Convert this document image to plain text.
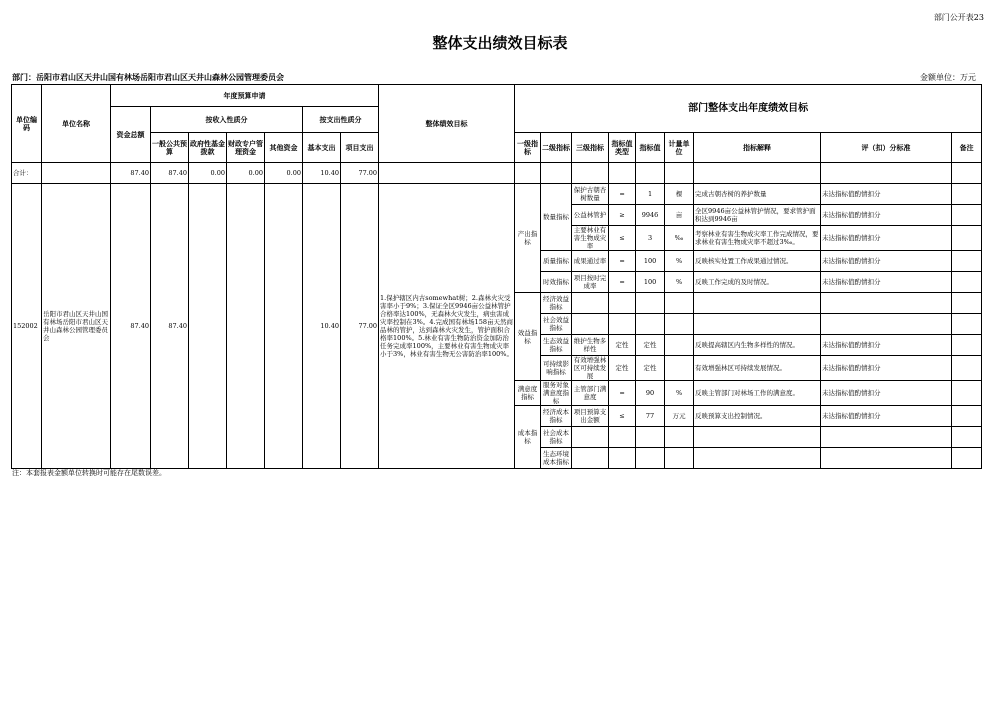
部门公开表23
整体支出绩效目标表
部门：岳阳市君山区天井山国有林场岳阳市君山区天井山森林公园管理委员会	金额单位：万元
单位编码	单位名称	年度预算申请							整体绩效目标	部门整体支出年度绩效目标								
		资金总额	按收入性质分				按支出性质分											
			一般公共预算	政府性基金拨款	财政专户管理资金	其他资金	基本支出	项目支出		一级指标	二级指标	三级指标	指标值类型	指标值	计量单位	指标解释	评（扣）分标准	备注
合计：		87.40	87.40	0.00	0.00	0.00	10.40	77.00										
152002	岳阳市君山区天井山国有林场岳阳市君山区天井山森林公园管理委员会	87.40	87.40				10.40	77.00	1.保护辖区内古somewhat树；2.森林火灾受害率小于9%；3.保证全区9946亩公益林管护合格率达100%，无森林火灾发生，病虫害成灾率控制在3%。4.完成国有林场158亩天然商品林的管护，达到森林火灾发生，管护面积合格率100%。5.林业有害生物防治资金加防治任务完成率100%，主要林业有害生物成灾率小于3%，林业有害生物无公害防治率100%。	产出指标	数量指标	保护古朝杏树数量	=	1	棵	完成古朝杏树的养护数量	未达指标值酌情扣分	
												公益林管护	≥	9946	亩	全区9946亩公益林管护情况，要求管护面积达到9946亩	未达指标值酌情扣分	
												主要林业有害生物成灾率	≤	3	‰	考察林业有害生物成灾率工作完成情况，要求林业有害生物成灾率不超过3‰。	未达指标值酌情扣分	
											质量指标	成果通过率	=	100	%	反映核实处置工作成果通过情况。	未达指标值酌情扣分	
											时效指标	项目按时完成率	=	100	%	反映工作完成的及时情况。	未达指标值酌情扣分	
										效益指标	经济效益指标							
											社会效益指标							
											生态效益指标	维护生物多样性	定性	定性		反映提高辖区内生物多样性的情况。	未达指标值酌情扣分	
											可持续影响指标	有效增强林区可持续发展	定性	定性		有效增强林区可持续发展情况。	未达指标值酌情扣分	
										满意度指标	服务对象满意度指标	主管部门满意度	=	90	%	反映主管部门对林场工作的满意度。	未达指标值酌情扣分	
										成本指标	经济成本指标	项目预算支出金额	≤	77	万元	反映预算支出控制情况。	未达指标值酌情扣分	
											社会成本指标							
											生态环境成本指标							
注：本套报表金额单位转换时可能存在尾数误差。
